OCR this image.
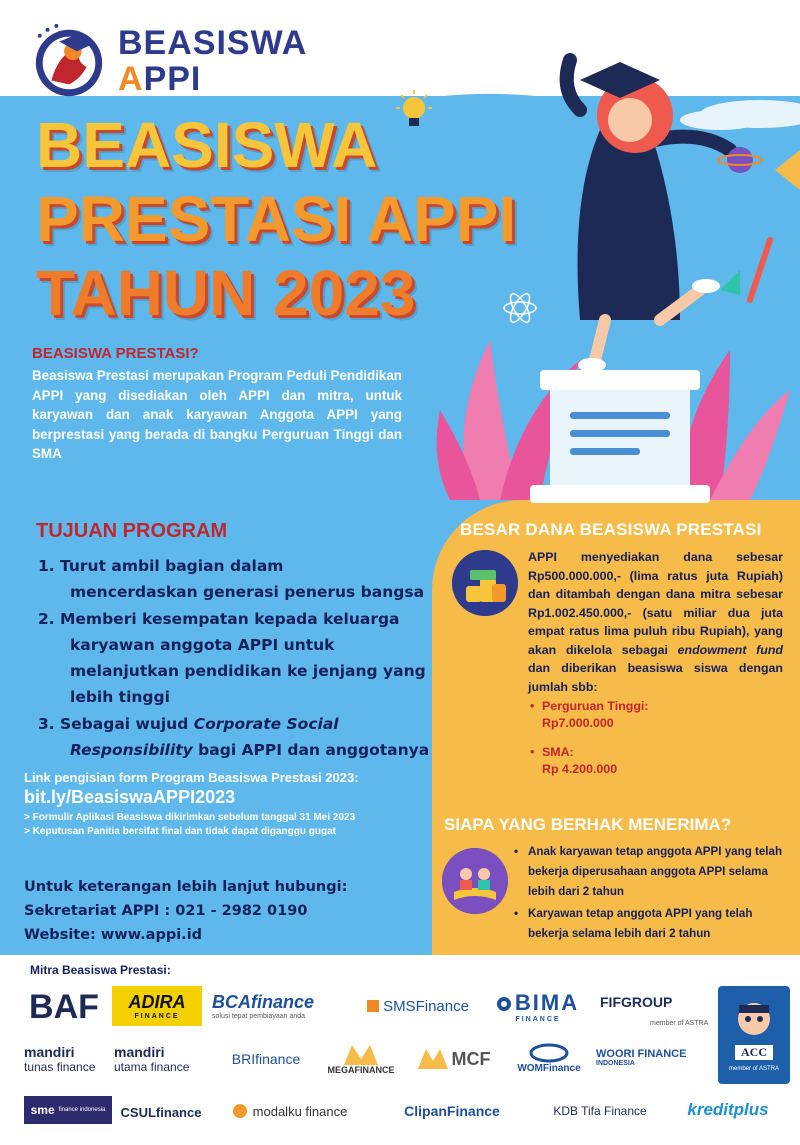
BEASISWA
APPI
BEASISWA
PRESTASI APPI
TAHUN 2023
BEASISWA PRESTASI?

Beasiswa Prestasi merupakan Program Peduli Pendidikan APPI yang disediakan oleh APPI dan mitra, untuk karyawan dan anak karyawan Anggota APPI yang berprestasi yang berada di bangku Perguruan Tinggi dan SMA

TUJUAN PROGRAM
1. Turut ambil bagian dalam
mencerdaskan generasi penerus bangsa
2. Memberi kesempatan kepada keluarga
karyawan anggota APPI untuk
melanjutkan pendidikan ke jenjang yang
lebih tinggi
3. Sebagai wujud Corporate Social
Responsibility bagi APPI dan anggotanya
Link pengisian form Program Beasiswa Prestasi 2023:
bit.ly/BeasiswaAPPI2023
> Formulir Aplikasi Beasiswa dikirimkan sebelum tanggal 31 Mei 2023
> Keputusan Panitia bersifat final dan tidak dapat diganggu gugat
Untuk keterangan lebih lanjut hubungi:
Sekretariat APPI : 021 - 2982 0190
Website: www.appi.id
BESAR DANA BEASISWA PRESTASI

APPI menyediakan dana sebesar Rp500.000.000,- (lima ratus juta Rupiah) dan ditambah dengan dana mitra sebesar Rp1.002.450.000,- (satu miliar dua juta empat ratus lima puluh ribu Rupiah), yang akan dikelola sebagai endowment fund dan diberikan beasiswa siswa dengan jumlah sbb:

• Perguruan Tinggi:
Rp7.000.000
• SMA:
Rp 4.200.000
SIAPA YANG BERHAK MENERIMA?
• Anak karyawan tetap anggota APPI yang telah bekerja diperusahaan anggota APPI selama lebih dari 2 tahun
• Karyawan tetap anggota APPI yang telah bekerja selama lebih dari 2 tahun
Mitra Beasiswa Prestasi:
BAF ADIRA
FINANCE
BCAfinance
solusi tepat pembiayaan anda
SMSFinance	BIMA
FINANCE
FIFGROUP
member of ASTRA
ACC
member of ASTRA
mandiri
tunas finance
mandiri
utama finance	BRIfinance
MEGAFINANCE
MCF	WOMFinance
WOORI FINANCE
INDONESIA
sme finance indonesia CSULfinance	modalku finance	ClipanFinance	KDB Tifa Finance	kreditplus
